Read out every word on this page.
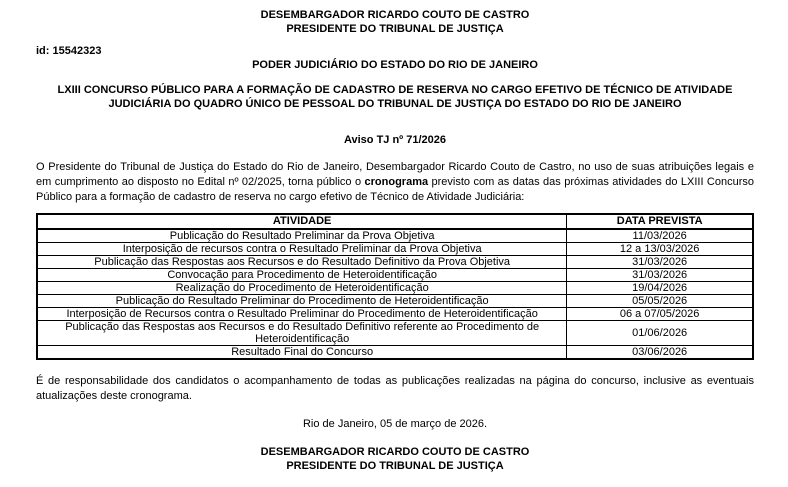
DESEMBARGADOR RICARDO COUTO DE CASTRO
PRESIDENTE DO TRIBUNAL DE JUSTIÇA
id: 15542323
PODER JUDICIÁRIO DO ESTADO DO RIO DE JANEIRO
LXIII CONCURSO PÚBLICO PARA A FORMAÇÃO DE CADASTRO DE RESERVA NO CARGO EFETIVO DE TÉCNICO DE ATIVIDADE JUDICIÁRIA DO QUADRO ÚNICO DE PESSOAL DO TRIBUNAL DE JUSTIÇA DO ESTADO DO RIO DE JANEIRO
Aviso TJ nº 71/2026

O Presidente do Tribunal de Justiça do Estado do Rio de Janeiro, Desembargador Ricardo Couto de Castro, no uso de suas atribuições legais e em cumprimento ao disposto no Edital nº 02/2025, torna público o cronograma previsto com as datas das próximas atividades do LXIII Concurso Público para a formação de cadastro de reserva no cargo efetivo de Técnico de Atividade Judiciária:

ATIVIDADE	DATA PREVISTA
Publicação do Resultado Preliminar da Prova Objetiva	11/03/2026
Interposição de recursos contra o Resultado Preliminar da Prova Objetiva	12 a 13/03/2026
Publicação das Respostas aos Recursos e do Resultado Definitivo da Prova Objetiva	31/03/2026
Convocação para Procedimento de Heteroidentificação	31/03/2026
Realização do Procedimento de Heteroidentificação	19/04/2026
Publicação do Resultado Preliminar do Procedimento de Heteroidentificação	05/05/2026
Interposição de Recursos contra o Resultado Preliminar do Procedimento de Heteroidentificação	06 a 07/05/2026
Publicação das Respostas aos Recursos e do Resultado Definitivo referente ao Procedimento de Heteroidentificação	01/06/2026
Resultado Final do Concurso	03/06/2026

É de responsabilidade dos candidatos o acompanhamento de todas as publicações realizadas na página do concurso, inclusive as eventuais atualizações deste cronograma.

Rio de Janeiro, 05 de março de 2026.
DESEMBARGADOR RICARDO COUTO DE CASTRO
PRESIDENTE DO TRIBUNAL DE JUSTIÇA
